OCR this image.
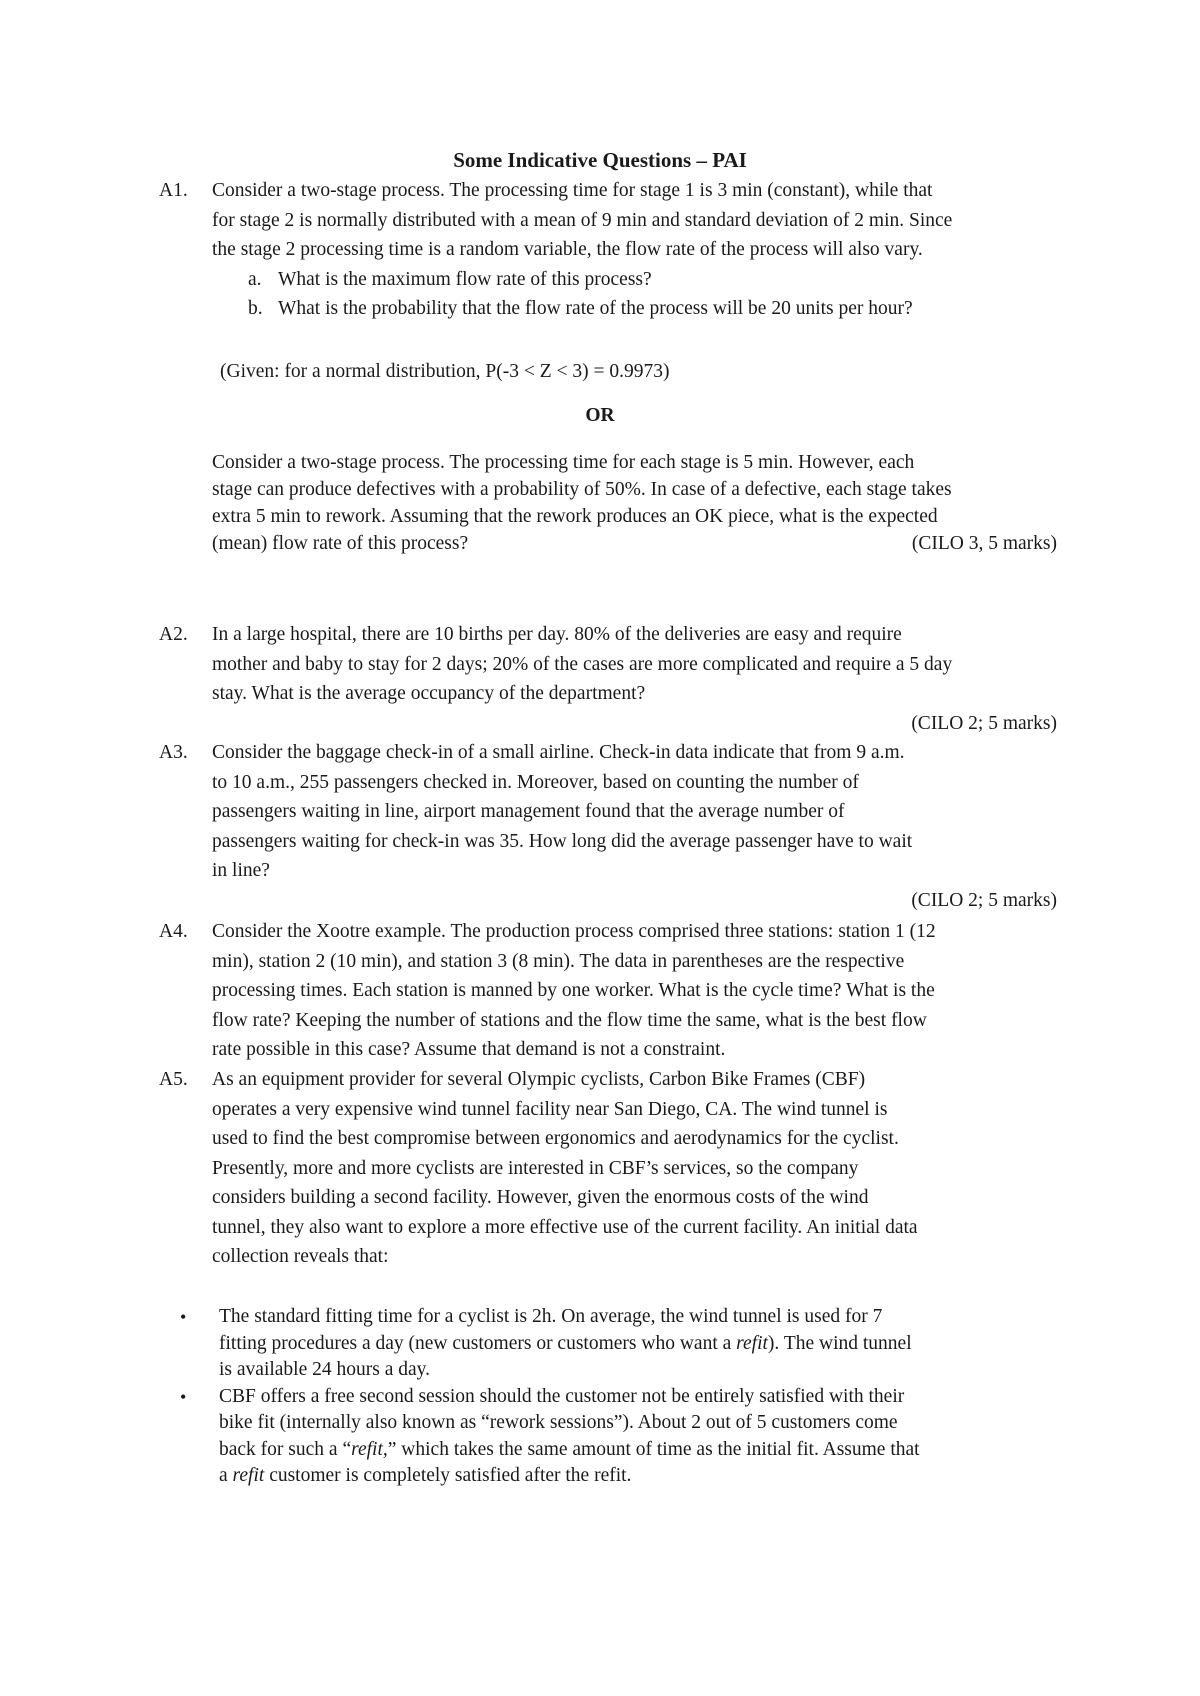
Some Indicative Questions – PAI
A1. Consider a two-stage process. The processing time for stage 1 is 3 min (constant), while that
for stage 2 is normally distributed with a mean of 9 min and standard deviation of 2 min. Since
the stage 2 processing time is a random variable, the flow rate of the process will also vary.
a. What is the maximum flow rate of this process?
b. What is the probability that the flow rate of the process will be 20 units per hour?
(Given: for a normal distribution, P(-3 < Z < 3) = 0.9973)
OR
Consider a two-stage process. The processing time for each stage is 5 min. However, each
stage can produce defectives with a probability of 50%. In case of a defective, each stage takes
extra 5 min to rework. Assuming that the rework produces an OK piece, what is the expected
(mean) flow rate of this process?	(CILO 3, 5 marks)
A2. In a large hospital, there are 10 births per day. 80% of the deliveries are easy and require
mother and baby to stay for 2 days; 20% of the cases are more complicated and require a 5 day
stay. What is the average occupancy of the department?
(CILO 2; 5 marks)
A3. Consider the baggage check-in of a small airline. Check-in data indicate that from 9 a.m.
to 10 a.m., 255 passengers checked in. Moreover, based on counting the number of
passengers waiting in line, airport management found that the average number of
passengers waiting for check-in was 35. How long did the average passenger have to wait
in line?
(CILO 2; 5 marks)
A4. Consider the Xootre example. The production process comprised three stations: station 1 (12
min), station 2 (10 min), and station 3 (8 min). The data in parentheses are the respective
processing times. Each station is manned by one worker. What is the cycle time? What is the
flow rate? Keeping the number of stations and the flow time the same, what is the best flow
rate possible in this case? Assume that demand is not a constraint.
A5. As an equipment provider for several Olympic cyclists, Carbon Bike Frames (CBF)
operates a very expensive wind tunnel facility near San Diego, CA. The wind tunnel is
used to find the best compromise between ergonomics and aerodynamics for the cyclist.
Presently, more and more cyclists are interested in CBF’s services, so the company
considers building a second facility. However, given the enormous costs of the wind
tunnel, they also want to explore a more effective use of the current facility. An initial data
collection reveals that:
• The standard fitting time for a cyclist is 2h. On average, the wind tunnel is used for 7
fitting procedures a day (new customers or customers who want a refit). The wind tunnel
is available 24 hours a day.
• CBF offers a free second session should the customer not be entirely satisfied with their
bike fit (internally also known as “rework sessions”). About 2 out of 5 customers come
back for such a “refit,” which takes the same amount of time as the initial fit. Assume that
a refit customer is completely satisfied after the refit.
